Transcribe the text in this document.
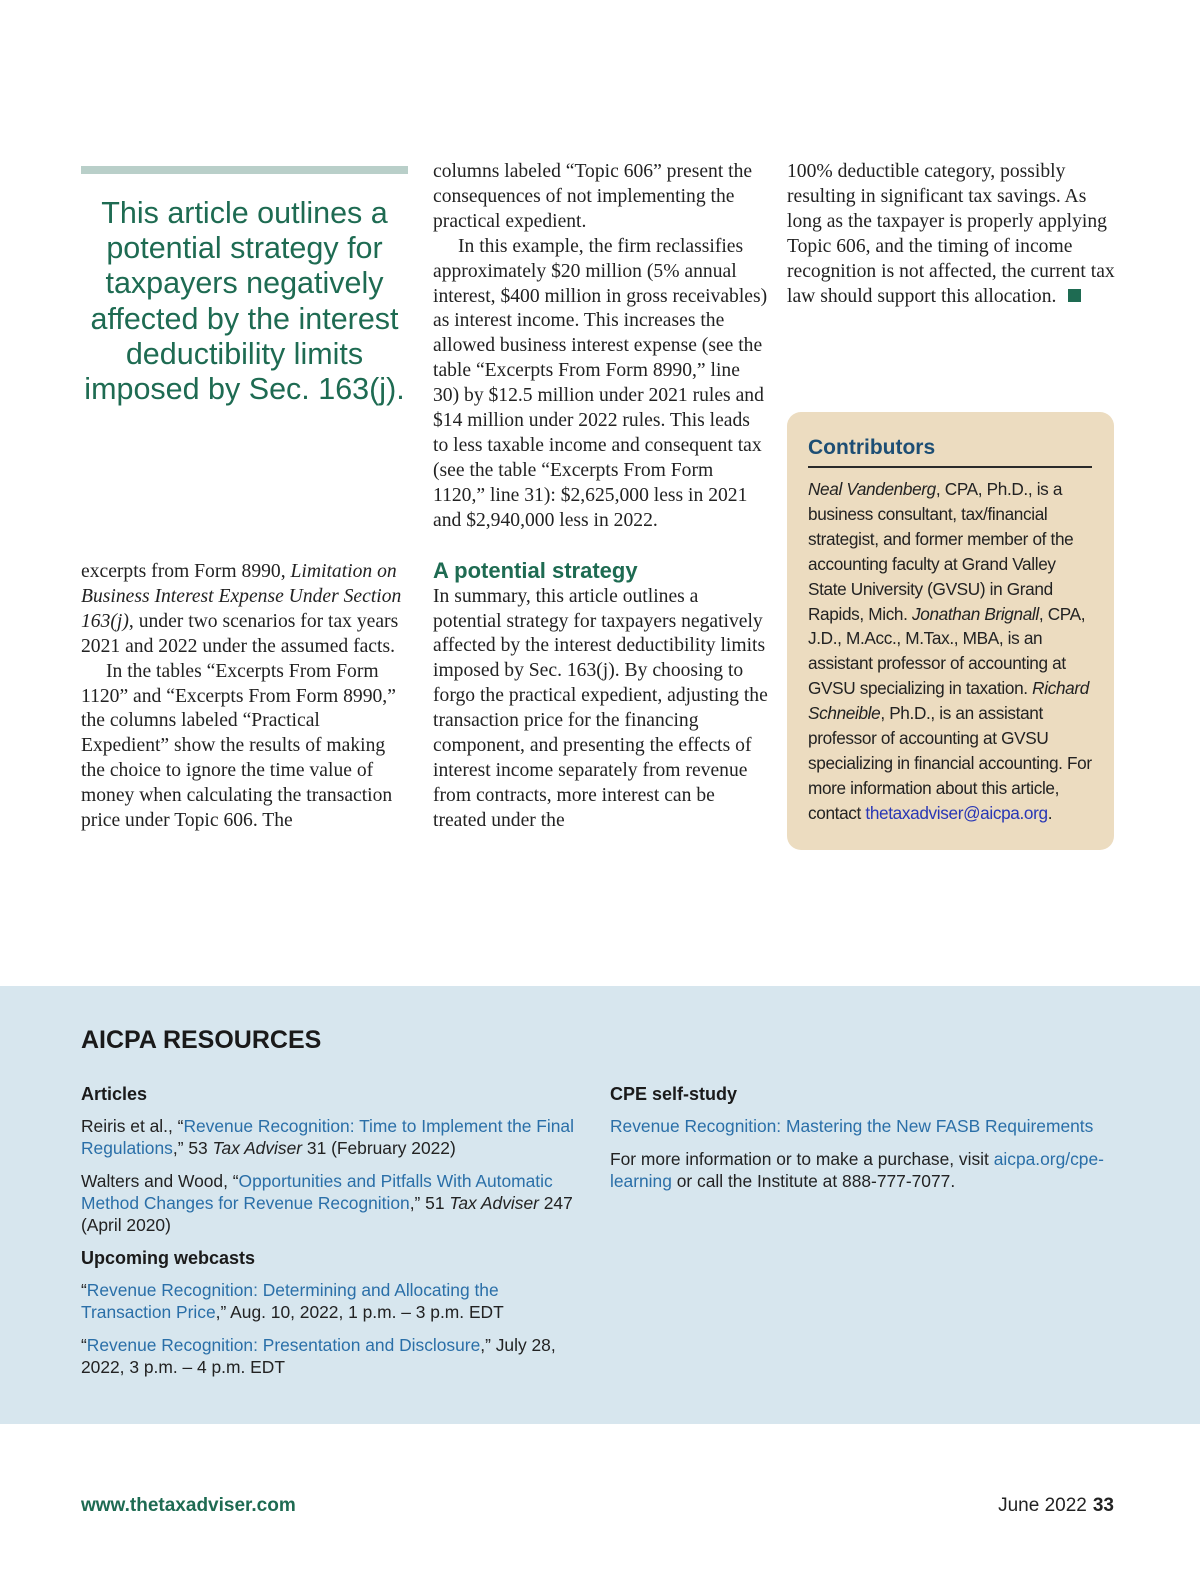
This article outlines a potential strategy for taxpayers negatively affected by the interest deductibility limits imposed by Sec. 163(j).

excerpts from Form 8990, Limitation on Business Interest Expense Under Section 163(j), under two scenarios for tax years 2021 and 2022 under the assumed facts.

In the tables “Excerpts From Form 1120” and “Excerpts From Form 8990,” the columns labeled “Practical Expedient” show the results of making the choice to ignore the time value of money when calculating the transaction price under Topic 606. The

columns labeled “Topic 606” present the consequences of not implementing the practical expedient.

In this example, the firm reclassifies approximately $20 million (5% annual interest, $400 million in gross receivables) as interest income. This increases the allowed business interest expense (see the table “Excerpts From Form 8990,” line 30) by $12.5 million under 2021 rules and $14 million under 2022 rules. This leads to less taxable income and consequent tax (see the table “Excerpts From Form 1120,” line 31): $2,625,000 less in 2021 and $2,940,000 less in 2022.

A potential strategy

In summary, this article outlines a potential strategy for taxpayers negatively affected by the interest deductibility limits imposed by Sec. 163(j). By choosing to forgo the practical expedient, adjusting the transaction price for the financing component, and presenting the effects of interest income separately from revenue from contracts, more interest can be treated under the

100% deductible category, possibly resulting in significant tax savings. As long as the taxpayer is properly applying Topic 606, and the timing of income recognition is not affected, the current tax law should support this allocation.

Contributors
Neal Vandenberg, CPA, Ph.D., is a business consultant, tax/financial strategist, and former member of the accounting faculty at Grand Valley State University (GVSU) in Grand Rapids, Mich. Jonathan Brignall, CPA, J.D., M.Acc., M.Tax., MBA, is an assistant professor of accounting at GVSU specializing in taxation. Richard Schneible, Ph.D., is an assistant professor of accounting at GVSU specializing in financial accounting. For more information about this article, contact thetaxadviser@aicpa.org.
AICPA RESOURCES
Articles
Reiris et al., “Revenue Recognition: Time to Implement the Final Regulations,” 53 Tax Adviser 31 (February 2022)
Walters and Wood, “Opportunities and Pitfalls With Automatic Method Changes for Revenue Recognition,” 51 Tax Adviser 247 (April 2020)
Upcoming webcasts
“Revenue Recognition: Determining and Allocating the Transaction Price,” Aug. 10, 2022, 1 p.m. – 3 p.m. EDT
“Revenue Recognition: Presentation and Disclosure,” July 28, 2022, 3 p.m. – 4 p.m. EDT
CPE self-study
Revenue Recognition: Mastering the New FASB Requirements
For more information or to make a purchase, visit aicpa.org/cpe-learning or call the Institute at 888-777-7077.
www.thetaxadviser.com	June 2022 33
